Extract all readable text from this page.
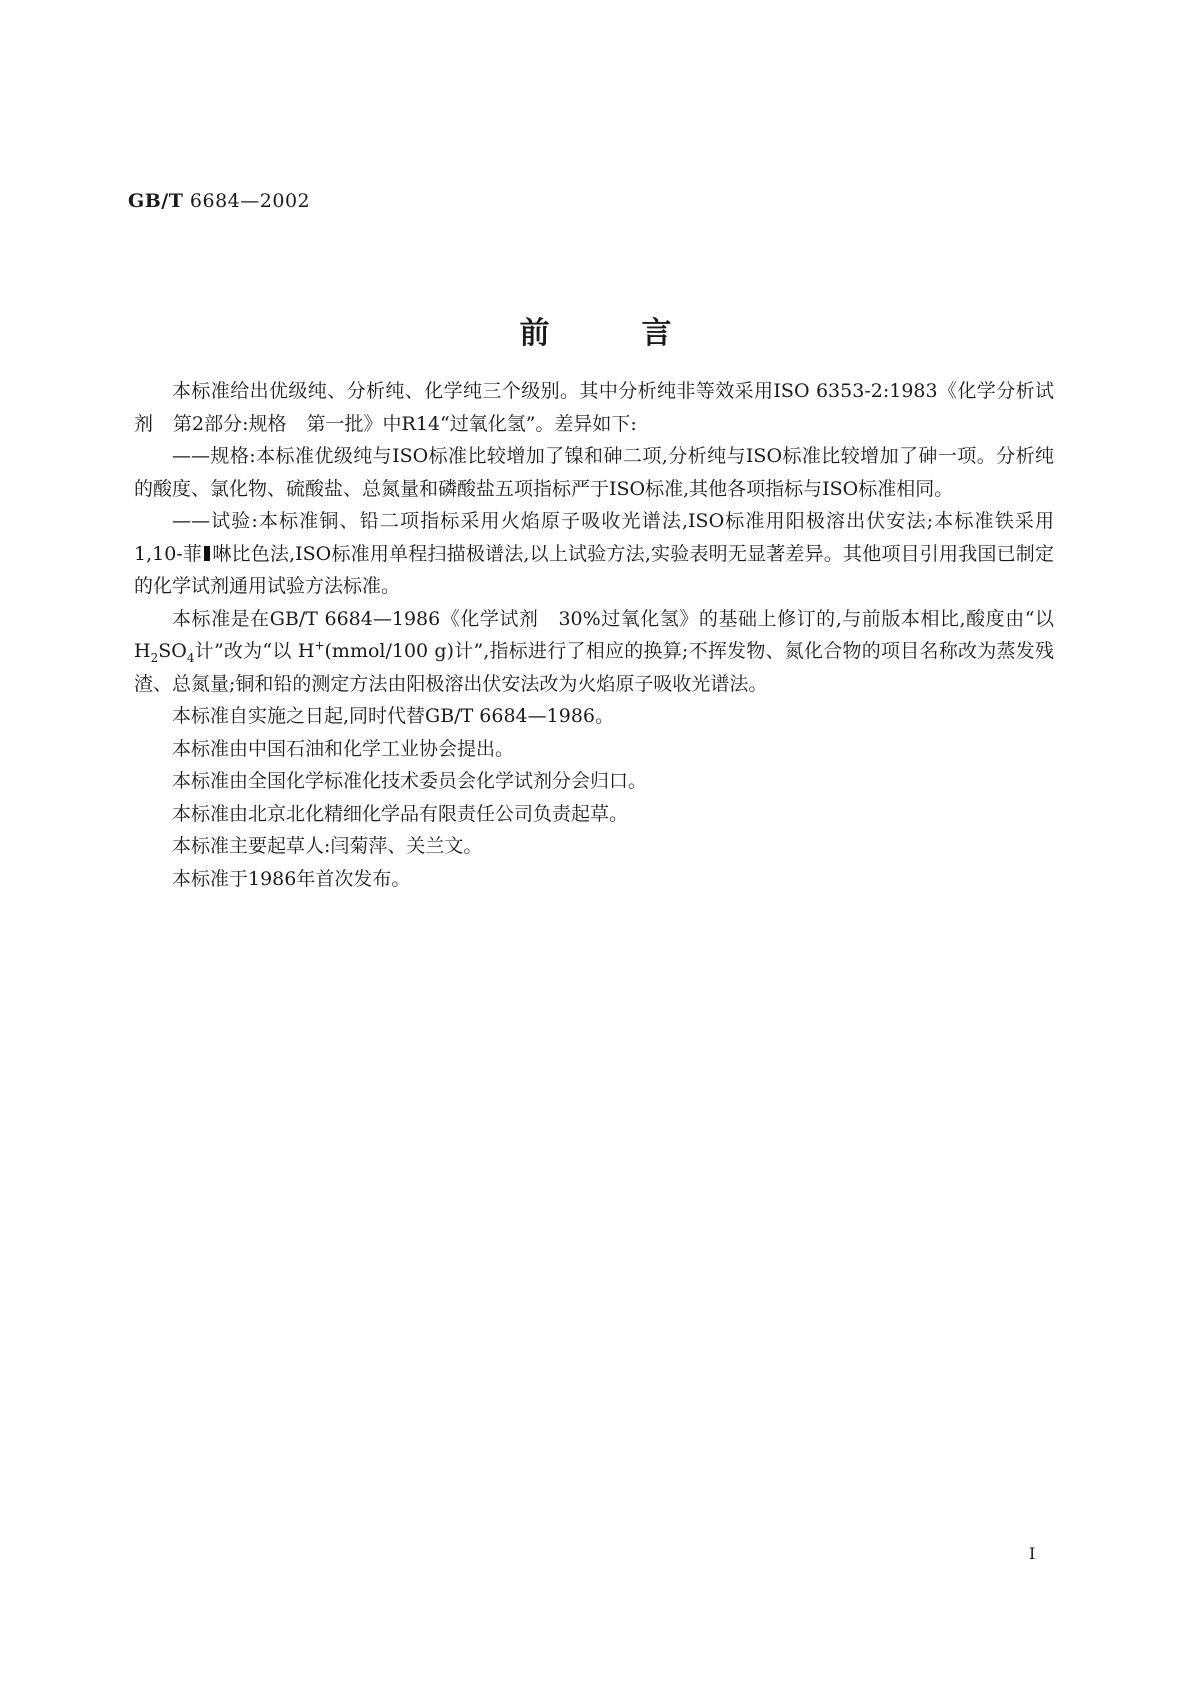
GB/T 6684—2002
前	言

本标准给出优级纯、分析纯、化学纯三个级别。其中分析纯非等效采用ISO 6353-2:1983《化学分析试剂 第2部分:规格 第一批》中R14“过氧化氢”。差异如下:

——规格:本标准优级纯与ISO标准比较增加了镍和砷二项,分析纯与ISO标准比较增加了砷一项。分析纯的酸度、氯化物、硫酸盐、总氮量和磷酸盐五项指标严于ISO标准,其他各项指标与ISO标准相同。

——试验:本标准铜、铅二项指标采用火焰原子吸收光谱法,ISO标准用阳极溶出伏安法;本标准铁采用1,10-菲 啉比色法,ISO标准用单程扫描极谱法,以上试验方法,实验表明无显著差异。其他项目引用我国已制定的化学试剂通用试验方法标准。

本标准是在GB/T 6684—1986《化学试剂 30%过氧化氢》的基础上修订的,与前版本相比,酸度由“以 $H_2SO_4$计”改为“以 H+(mmol/100 g)计”,指标进行了相应的换算;不挥发物、氮化合物的项目名称改为蒸发残渣、总氮量;铜和铅的测定方法由阳极溶出伏安法改为火焰原子吸收光谱法。

本标准自实施之日起,同时代替GB/T 6684—1986。

本标准由中国石油和化学工业协会提出。

本标准由全国化学标准化技术委员会化学试剂分会归口。

本标准由北京北化精细化学品有限责任公司负责起草。

本标准主要起草人:闫菊萍、关兰文。

本标准于1986年首次发布。

I
